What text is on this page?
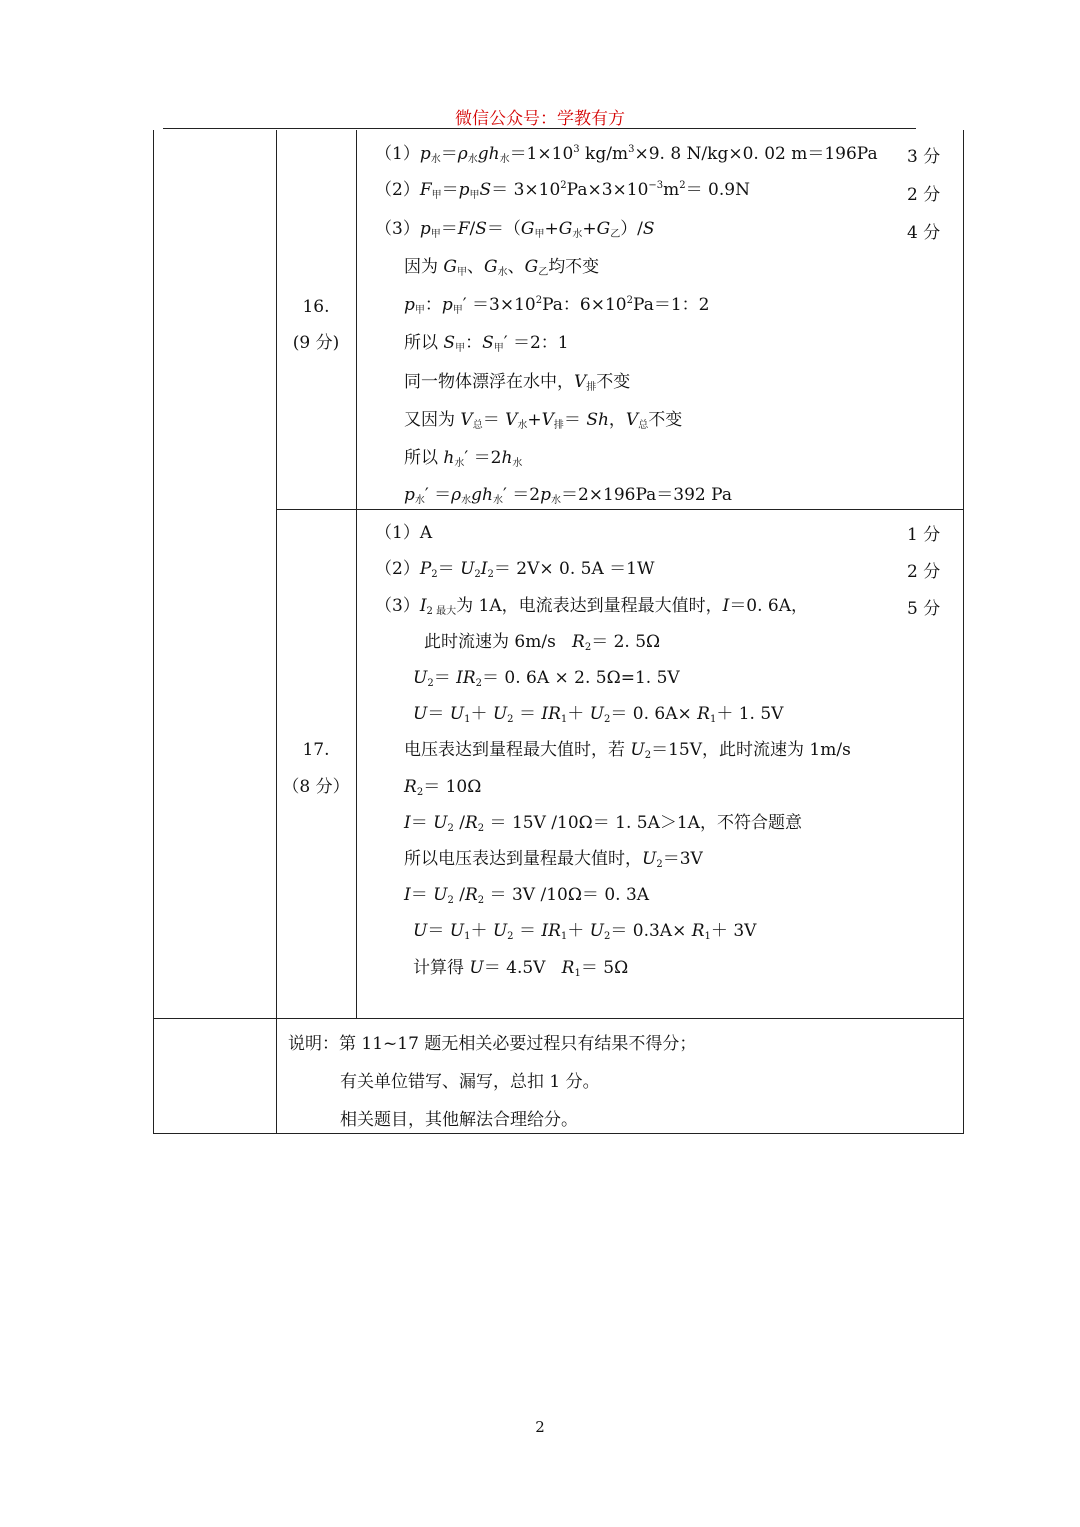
微信公众号：学教有方
16.
(9 分)
$(1)p_水=\rho_水gh_水=1\times 10^3$ $kg/m^3\times 9$. 8 N/kg×0. 02 m＝196Pa
$(2)F_甲=p_甲S= 3\times 10^2Pa\times 3\times 10^{-3}m^2= 0.9N$
$(3)p_甲=F/S=(G_甲+G_水+G_乙)/S$
因为 $G_甲$、$G_水$、$G_乙$均不变
$p_甲$：$p_甲' =3\times 10^2Pa$：$6\times 10^2Pa=1$：2
所以 $S_甲$：$S_甲' =2$：1
同一物体漂浮在水中，$V_排$不变
又因为 $V_总= V_水+V_排= Sh$，$V_总$不变
所以 $h_水' =2h_水$
$p_水' =\rho_水gh_水' =2p_水=2\times 196Pa=392$ Pa
3 分
2 分
4 分
17.
（8 分）
（1）A
$(2)P_2= U_2I_2= 2V\times 0$. 5A ＝1W
$(3)I_{2 最大}$为 1A，电流表达到量程最大值时，I＝0. 6A，
此时流速为 6m/s   $R_2= 2$. 5Ω
$U_2= IR_2= 0$. 6A × 2. 5Ω=1. 5V
$U= U_1+ U_2 = IR_1+ U_2= 0$. $6A\times R_1+ 1$. 5V
电压表达到量程最大值时，若 $U_2=15V$，此时流速为 1m/s
$R_2= 10\Omega$
$I= U_2$ $/R_2 = 15V$ /10Ω＝ 1. 5A＞1A，不符合题意
所以电压表达到量程最大值时，$U_2=3V$
$I= U_2$ $/R_2 = 3V$ /10Ω＝ 0. 3A
$U= U_1+ U_2 = IR_1+ U_2= 0.3A\times R_1+ 3V$
计算得 U＝ 4.5V   $R_1= 5\Omega$
1 分
2 分
5 分
说明：第 11~17 题无相关必要过程只有结果不得分；
有关单位错写、漏写，总扣 1 分。
相关题目，其他解法合理给分。
2
